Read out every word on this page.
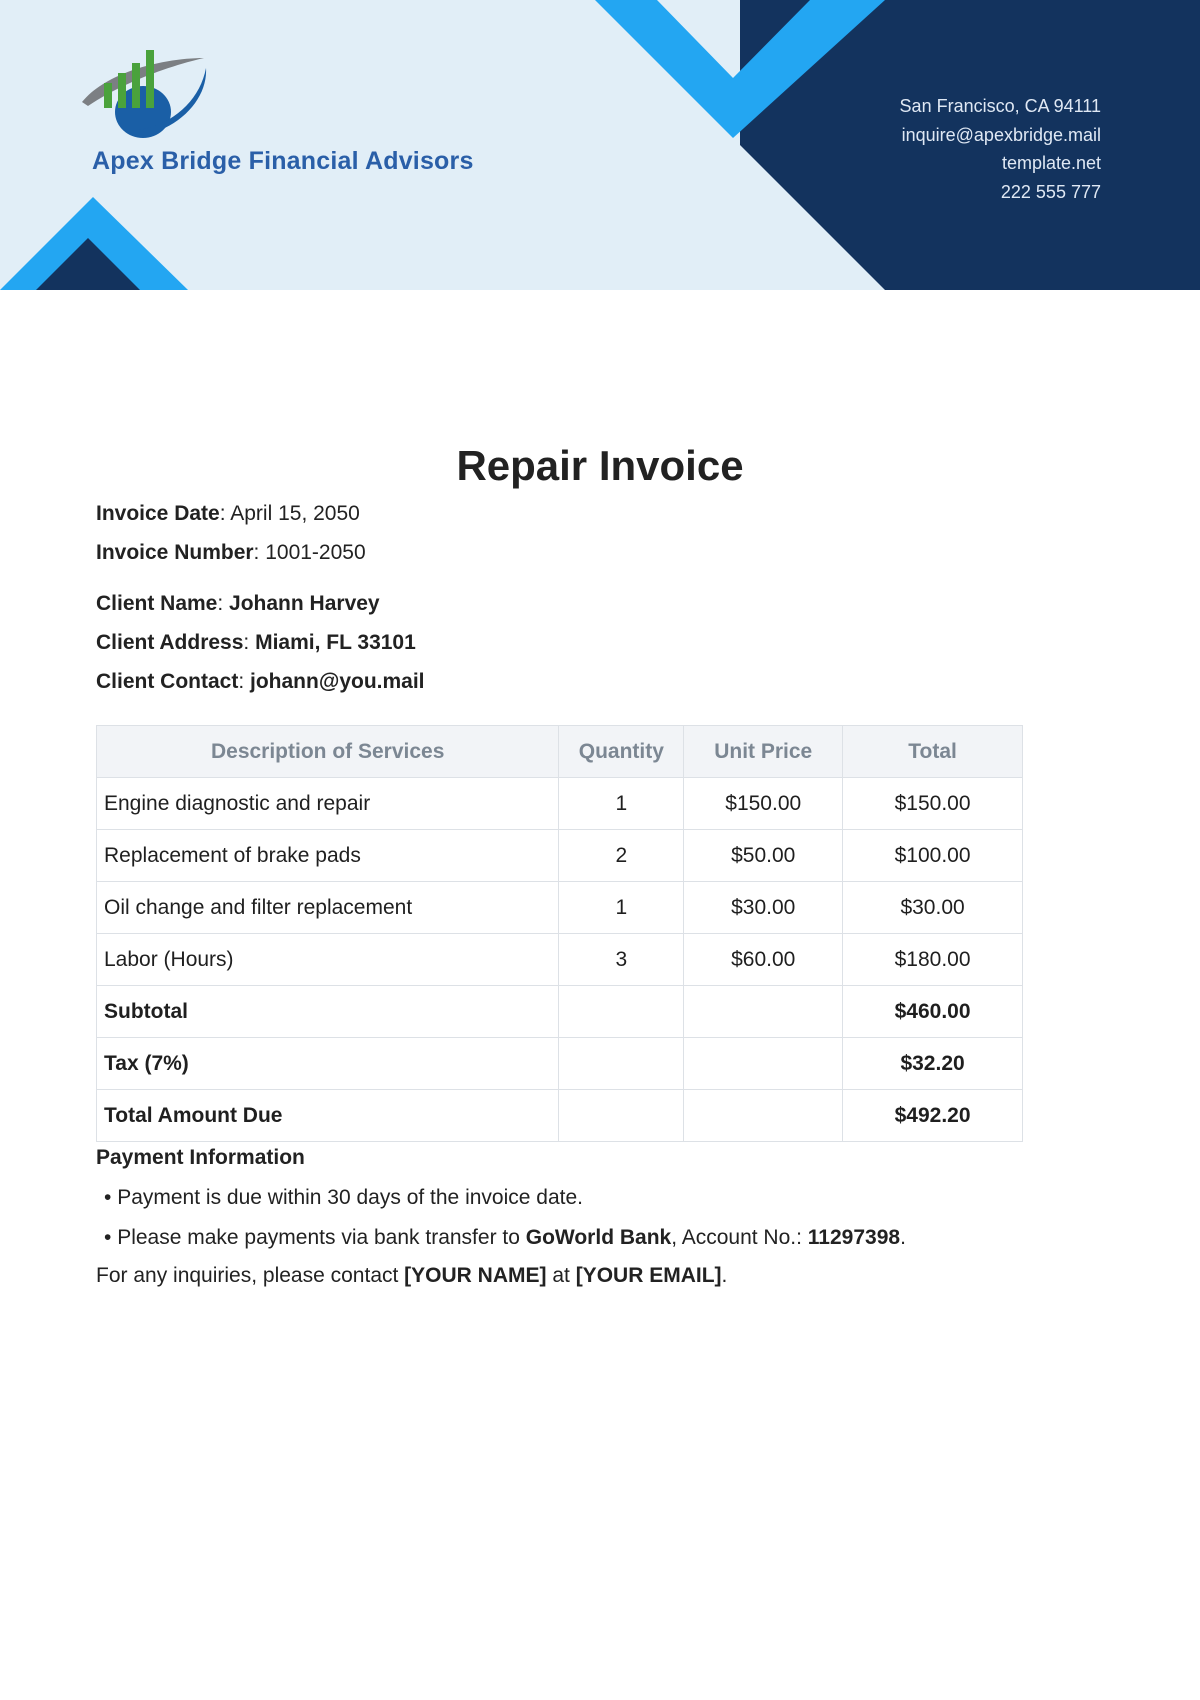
Apex Bridge Financial Advisors
San Francisco, CA 94111
inquire@apexbridge.mail
template.net
222 555 777
Repair Invoice
Invoice Date: April 15, 2050
Invoice Number: 1001-2050
Client Name: Johann Harvey
Client Address: Miami, FL 33101
Client Contact: johann@you.mail
Description of Services	Quantity	Unit Price	Total
Engine diagnostic and repair	1	$150.00	$150.00
Replacement of brake pads	2	$50.00	$100.00
Oil change and filter replacement	1	$30.00	$30.00
Labor (Hours)	3	$60.00	$180.00
Subtotal			$460.00
Tax (7%)			$32.20
Total Amount Due			$492.20
Payment Information
• Payment is due within 30 days of the invoice date.
• Please make payments via bank transfer to GoWorld Bank, Account No.: 11297398.
For any inquiries, please contact [YOUR NAME] at [YOUR EMAIL].
